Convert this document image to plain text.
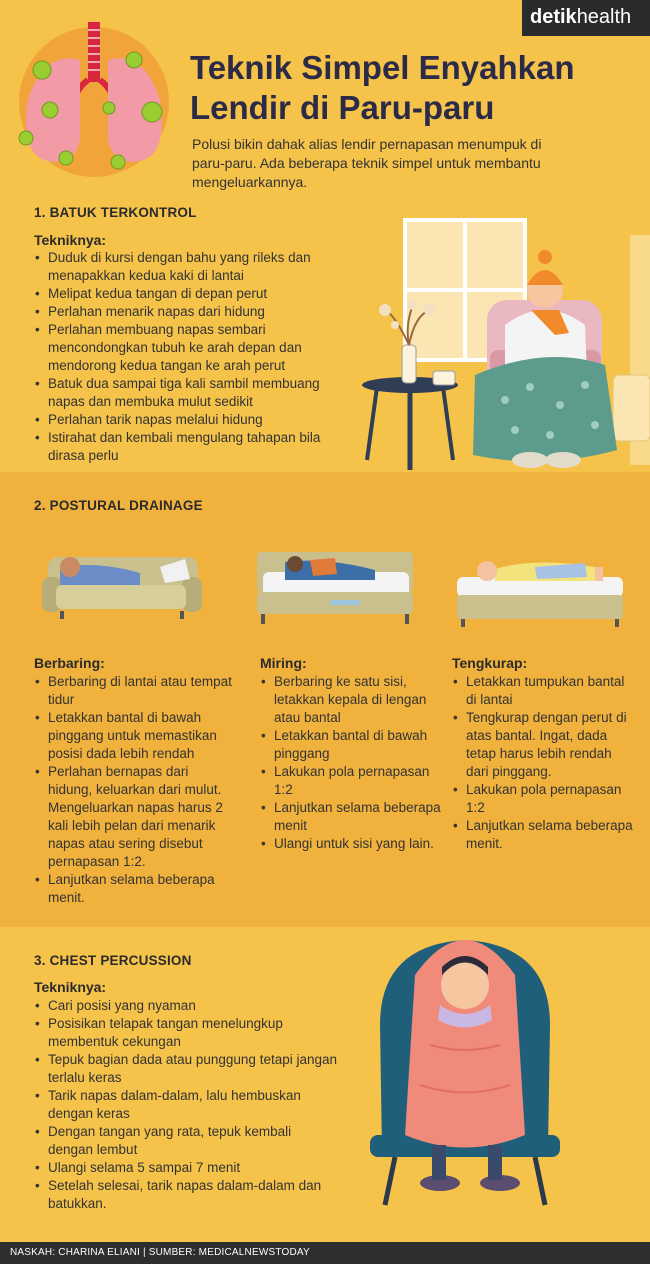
detikhealth
Teknik Simpel Enyahkan
Lendir di Paru-paru
Polusi bikin dahak alias lendir pernapasan menumpuk di paru-paru. Ada beberapa teknik simpel untuk membantu mengeluarkannya.
1. BATUK TERKONTROL
Tekniknya:
• Duduk di kursi dengan bahu yang rileks dan menapakkan kedua kaki di lantai
• Melipat kedua tangan di depan perut
• Perlahan menarik napas dari hidung
• Perlahan membuang napas sembari mencondongkan tubuh ke arah depan dan mendorong kedua tangan ke arah perut
• Batuk dua sampai tiga kali sambil membuang napas dan membuka mulut sedikit
• Perlahan tarik napas melalui hidung
• Istirahat dan kembali mengulang tahapan bila dirasa perlu
2. POSTURAL DRAINAGE
Berbaring:
• Berbaring di lantai atau tempat tidur
• Letakkan bantal di bawah pinggang untuk memastikan posisi dada lebih rendah
• Perlahan bernapas dari hidung, keluarkan dari mulut. Mengeluarkan napas harus 2 kali lebih pelan dari menarik napas atau sering disebut pernapasan 1:2.
• Lanjutkan selama beberapa menit.
Miring:
• Berbaring ke satu sisi, letakkan kepala di lengan atau bantal
• Letakkan bantal di bawah pinggang
• Lakukan pola pernapasan 1:2
• Lanjutkan selama beberapa menit
• Ulangi untuk sisi yang lain.
Tengkurap:
• Letakkan tumpukan bantal di lantai
• Tengkurap dengan perut di atas bantal. Ingat, dada tetap harus lebih rendah dari pinggang.
• Lakukan pola pernapasan 1:2
• Lanjutkan selama beberapa menit.
3. CHEST PERCUSSION
Tekniknya:
• Cari posisi yang nyaman
• Posisikan telapak tangan menelungkup membentuk cekungan
• Tepuk bagian dada atau punggung tetapi jangan terlalu keras
• Tarik napas dalam-dalam, lalu hembuskan dengan keras
• Dengan tangan yang rata, tepuk kembali dengan lembut
• Ulangi selama 5 sampai 7 menit
• Setelah selesai, tarik napas dalam-dalam dan batukkan.
NASKAH: CHARINA ELIANI | SUMBER: MEDICALNEWSTODAY
